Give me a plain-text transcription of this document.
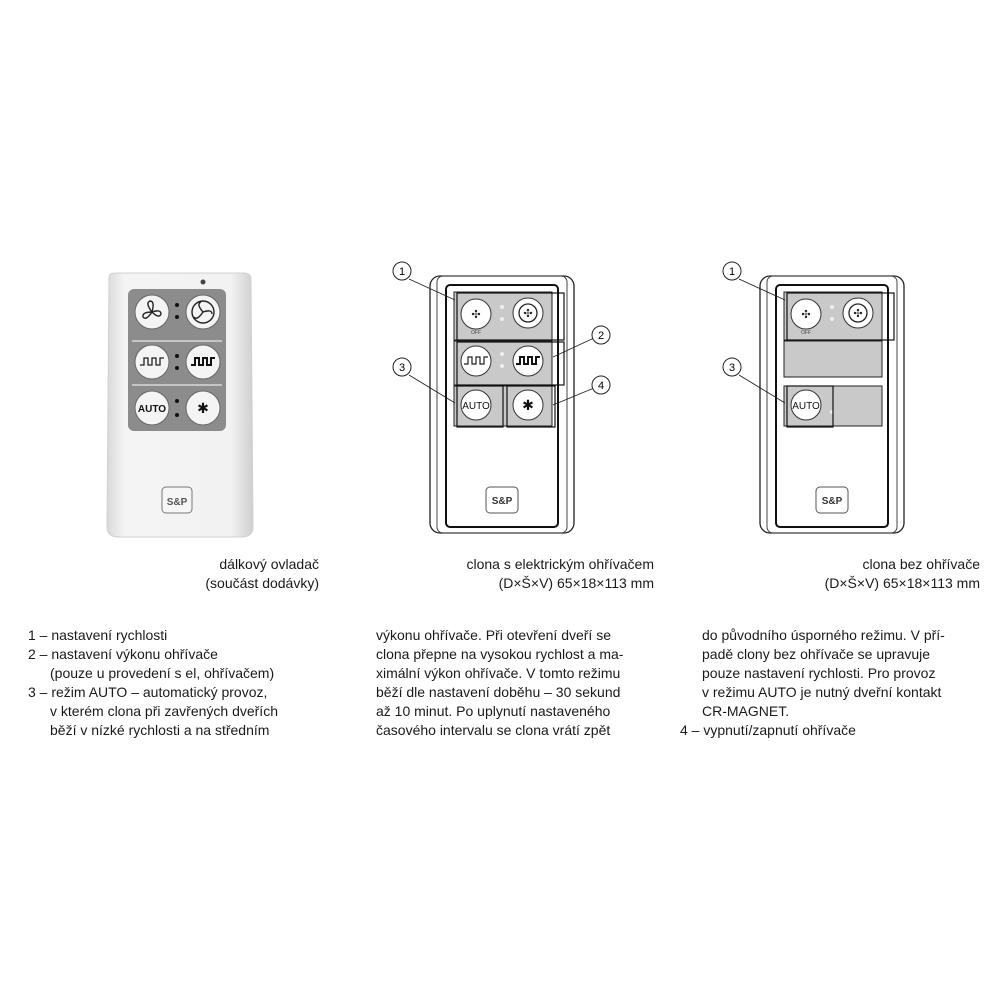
AUTO ✱
S&P
✣
OFF
✣
AUTO ✱
S&P
1
2
3
4
✣
OFF
✣
AUTO
S&P
1
3
dálkový ovladač
(součást dodávky)
clona s elektrickým ohřívačem
(D×Š×V) 65×18×113 mm
clona bez ohřívače
(D×Š×V) 65×18×113 mm
1 – nastavení rychlosti
2 – nastavení výkonu ohřívače
(pouze u provedení s el, ohřívačem)
3 – režim AUTO – automatický provoz,
v kterém clona při zavřených dveřích
běží v nízké rychlosti a na středním
výkonu ohřívače. Při otevření dveří se
clona přepne na vysokou rychlost a ma-
ximální výkon ohřívače. V tomto režimu
běží dle nastavení doběhu – 30 sekund
až 10 minut. Po uplynutí nastaveného
časového intervalu se clona vrátí zpět
do původního úsporného režimu. V pří-
padě clony bez ohřívače se upravuje
pouze nastavení rychlosti. Pro provoz
v režimu AUTO je nutný dveřní kontakt
CR-MAGNET.
4 – vypnutí/zapnutí ohřívače
